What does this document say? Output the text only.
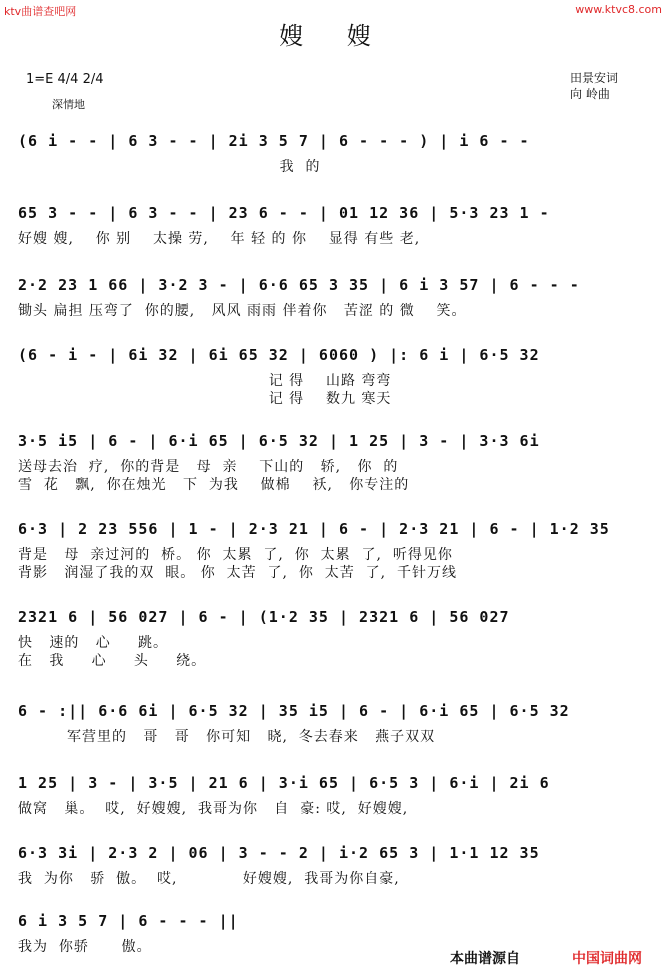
ktv曲谱查吧网	www.ktvc8.com
嫂 嫂
1=E 4/4 2/4
深情地
田景安词
向 岭曲
(6 i - - | 6 3 - - | 2i 3 5 7 | 6 - - - ) | i 6 - -
我  的
65 3 - - | 6 3 - - | 23 6 - - | 01 12 36 | 5·3 23 1 -
好嫂 嫂,    你 别    太操 劳,    年 轻 的 你    显得 有些 老,
2·2 23 1 66 | 3·2 3 - | 6·6 65 3 35 | 6 i 3 57 | 6 - - -
锄头 扁担 压弯了  你的腰,   风风 雨雨 伴着你   苦涩 的 微    笑。
(6 - i - | 6i 32 | 6i 65 32 | 6060 ) |: 6 i | 6·5 32
记 得    山路 弯弯
记 得    数九 寒天
3·5 i5 | 6 - | 6·i 65 | 6·5 32 | 1 25 | 3 - | 3·3 6i
送母去治  疗,  你的背是   母  亲    下山的   轿,   你  的
雪  花   飘,  你在烛光   下  为我    做棉    袄,   你专注的
6·3 | 2 23 556 | 1 - | 2·3 21 | 6 - | 2·3 21 | 6 - | 1·2 35
背是   母  亲过河的  桥。 你  太累  了,  你  太累  了,  听得见你
背影   润湿了我的双  眼。 你  太苦  了,  你  太苦  了,  千针万线
2321 6 | 56 027 | 6 - | (1·2 35 | 2321 6 | 56 027
快   速的   心     跳。
在   我     心     头     绕。
6 - :|| 6·6 6i | 6·5 32 | 35 i5 | 6 - | 6·i 65 | 6·5 32
军营里的   哥   哥   你可知   晓,  冬去春来   燕子双双
1 25 | 3 - | 3·5 | 21 6 | 3·i 65 | 6·5 3 | 6·i | 2i 6
做窝   巢。  哎,  好嫂嫂,  我哥为你   自  豪: 哎,  好嫂嫂,
6·3 3i | 2·3 2 | 06 | 3 - - 2 | i·2 65 3 | 1·1 12 35
我  为你   骄  傲。  哎,            好嫂嫂,  我哥为你自豪,
6 i 3 5 7 | 6 - - - ||
我为  你骄      傲。
本曲谱源自	中国词曲网
